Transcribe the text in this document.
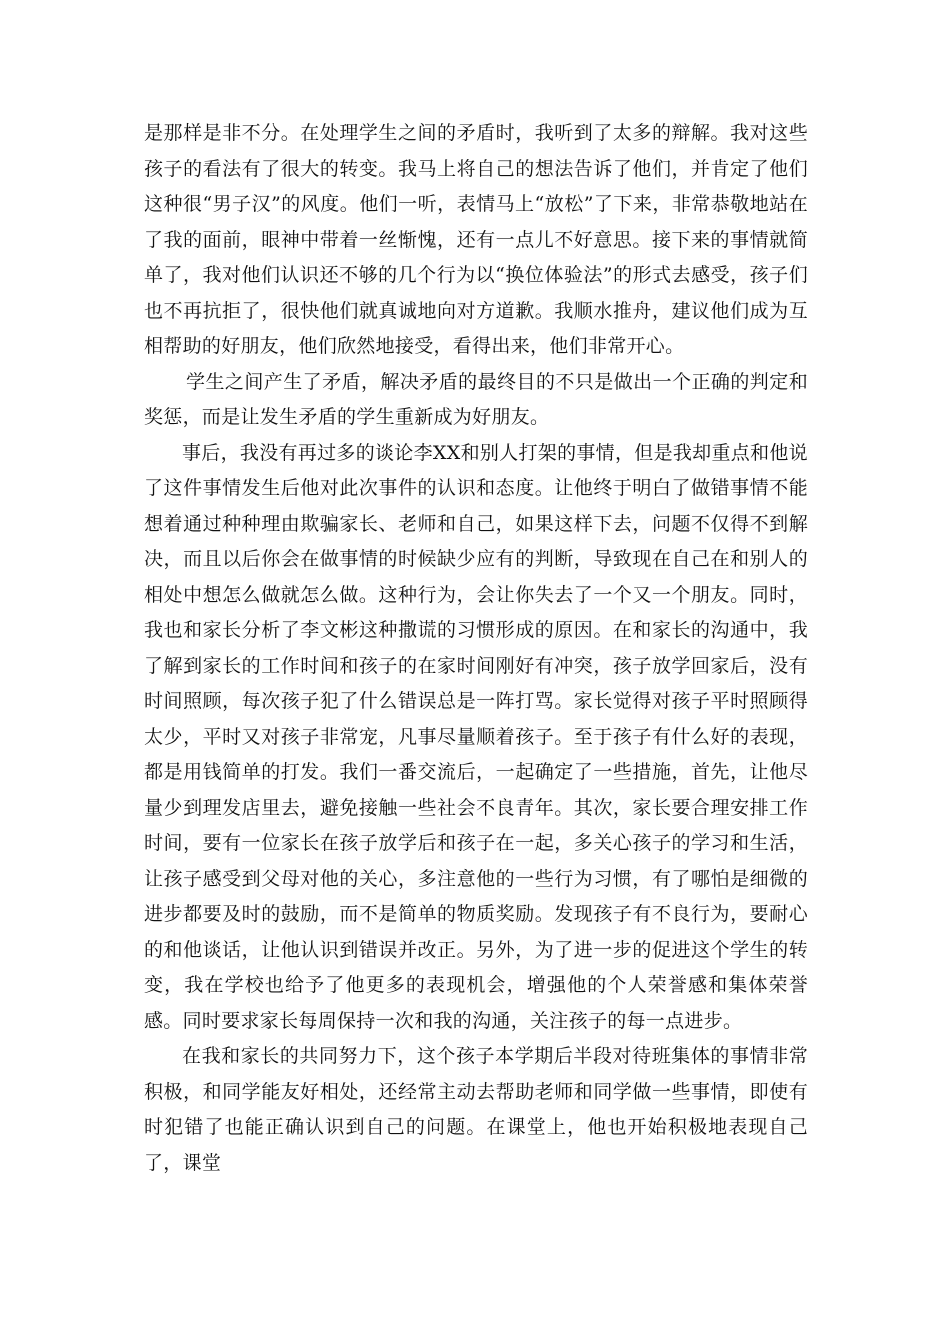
是那样是非不分。在处理学生之间的矛盾时，我听到了太多的辩解。我对这些孩子的看法有了很大的转变。我马上将自己的想法告诉了他们，并肯定了他们这种很“男子汉”的风度。他们一听，表情马上“放松”了下来，非常恭敬地站在了我的面前，眼神中带着一丝惭愧，还有一点儿不好意思。接下来的事情就简单了，我对他们认识还不够的几个行为以“换位体验法”的形式去感受，孩子们也不再抗拒了，很快他们就真诚地向对方道歉。我顺水推舟，建议他们成为互相帮助的好朋友，他们欣然地接受，看得出来，他们非常开心。

学生之间产生了矛盾，解决矛盾的最终目的不只是做出一个正确的判定和奖惩，而是让发生矛盾的学生重新成为好朋友。

事后，我没有再过多的谈论李XX和别人打架的事情，但是我却重点和他说了这件事情发生后他对此次事件的认识和态度。让他终于明白了做错事情不能想着通过种种理由欺骗家长、老师和自己，如果这样下去，问题不仅得不到解决，而且以后你会在做事情的时候缺少应有的判断，导致现在自己在和别人的相处中想怎么做就怎么做。这种行为，会让你失去了一个又一个朋友。同时，我也和家长分析了李文彬这种撒谎的习惯形成的原因。在和家长的沟通中，我了解到家长的工作时间和孩子的在家时间刚好有冲突，孩子放学回家后，没有时间照顾，每次孩子犯了什么错误总是一阵打骂。家长觉得对孩子平时照顾得太少，平时又对孩子非常宠，凡事尽量顺着孩子。至于孩子有什么好的表现，都是用钱简单的打发。我们一番交流后，一起确定了一些措施，首先，让他尽量少到理发店里去，避免接触一些社会不良青年。其次，家长要合理安排工作时间，要有一位家长在孩子放学后和孩子在一起，多关心孩子的学习和生活，让孩子感受到父母对他的关心，多注意他的一些行为习惯，有了哪怕是细微的进步都要及时的鼓励，而不是简单的物质奖励。发现孩子有不良行为，要耐心的和他谈话，让他认识到错误并改正。另外，为了进一步的促进这个学生的转变，我在学校也给予了他更多的表现机会，增强他的个人荣誉感和集体荣誉感。同时要求家长每周保持一次和我的沟通，关注孩子的每一点进步。

在我和家长的共同努力下，这个孩子本学期后半段对待班集体的事情非常积极，和同学能友好相处，还经常主动去帮助老师和同学做一些事情，即使有时犯错了也能正确认识到自己的问题。在课堂上，他也开始积极地表现自己了，课堂
